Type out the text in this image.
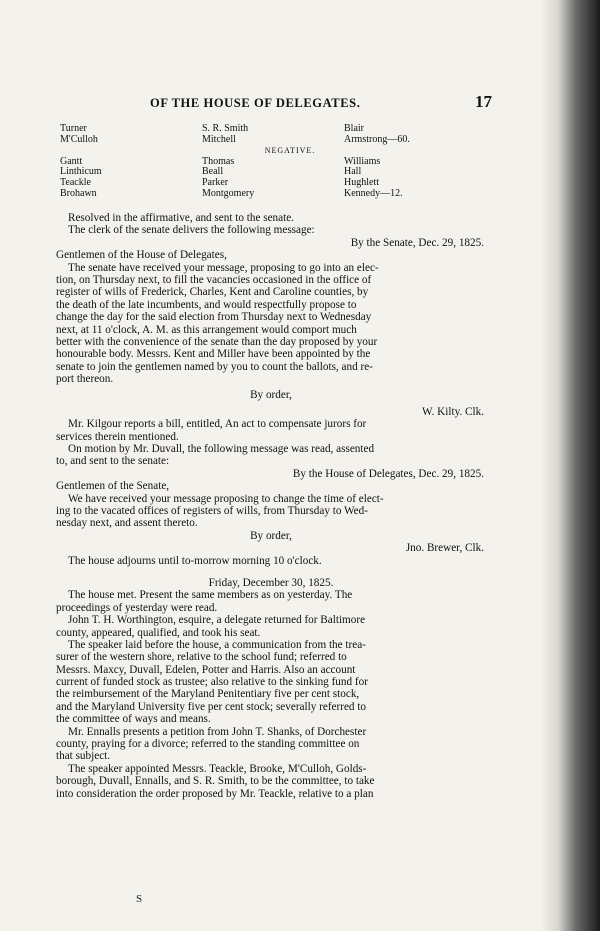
OF THE HOUSE OF DELEGATES.	17
Turner	S. R. Smith	Blair
M'Culloh	Mitchell	Armstrong—60.
NEGATIVE.
Gantt	Thomas	Williams
Linthicum	Beall	Hall
Teackle	Parker	Hughlett
Brohawn	Montgomery	Kennedy—12.
Resolved in the affirmative, and sent to the senate.
The clerk of the senate delivers the following message:
By the Senate, Dec. 29, 1825.
Gentlemen of the House of Delegates,
The senate have received your message, proposing to go into an elec-
tion, on Thursday next, to fill the vacancies occasioned in the office of
register of wills of Frederick, Charles, Kent and Caroline counties, by
the death of the late incumbents, and would respectfully propose to
change the day for the said election from Thursday next to Wednesday
next, at 11 o'clock, A. M. as this arrangement would comport much
better with the convenience of the senate than the day proposed by your
honourable body. Messrs. Kent and Miller have been appointed by the
senate to join the gentlemen named by you to count the ballots, and re-
port thereon.
By order,
W. Kilty. Clk.
Mr. Kilgour reports a bill, entitled, An act to compensate jurors for
services therein mentioned.
On motion by Mr. Duvall, the following message was read, assented
to, and sent to the senate:
By the House of Delegates, Dec. 29, 1825.
Gentlemen of the Senate,
We have received your message proposing to change the time of elect-
ing to the vacated offices of registers of wills, from Thursday to Wed-
nesday next, and assent thereto.
By order,
Jno. Brewer, Clk.
The house adjourns until to-morrow morning 10 o'clock.
Friday, December 30, 1825.
The house met. Present the same members as on yesterday. The
proceedings of yesterday were read.
John T. H. Worthington, esquire, a delegate returned for Baltimore
county, appeared, qualified, and took his seat.
The speaker laid before the house, a communication from the trea-
surer of the western shore, relative to the school fund; referred to
Messrs. Maxcy, Duvall, Edelen, Potter and Harris. Also an account
current of funded stock as trustee; also relative to the sinking fund for
the reimbursement of the Maryland Penitentiary five per cent stock,
and the Maryland University five per cent stock; severally referred to
the committee of ways and means.
Mr. Ennalls presents a petition from John T. Shanks, of Dorchester
county, praying for a divorce; referred to the standing committee on
that subject.
The speaker appointed Messrs. Teackle, Brooke, M'Culloh, Golds-
borough, Duvall, Ennalls, and S. R. Smith, to be the committee, to take
into consideration the order proposed by Mr. Teackle, relative to a plan
S
